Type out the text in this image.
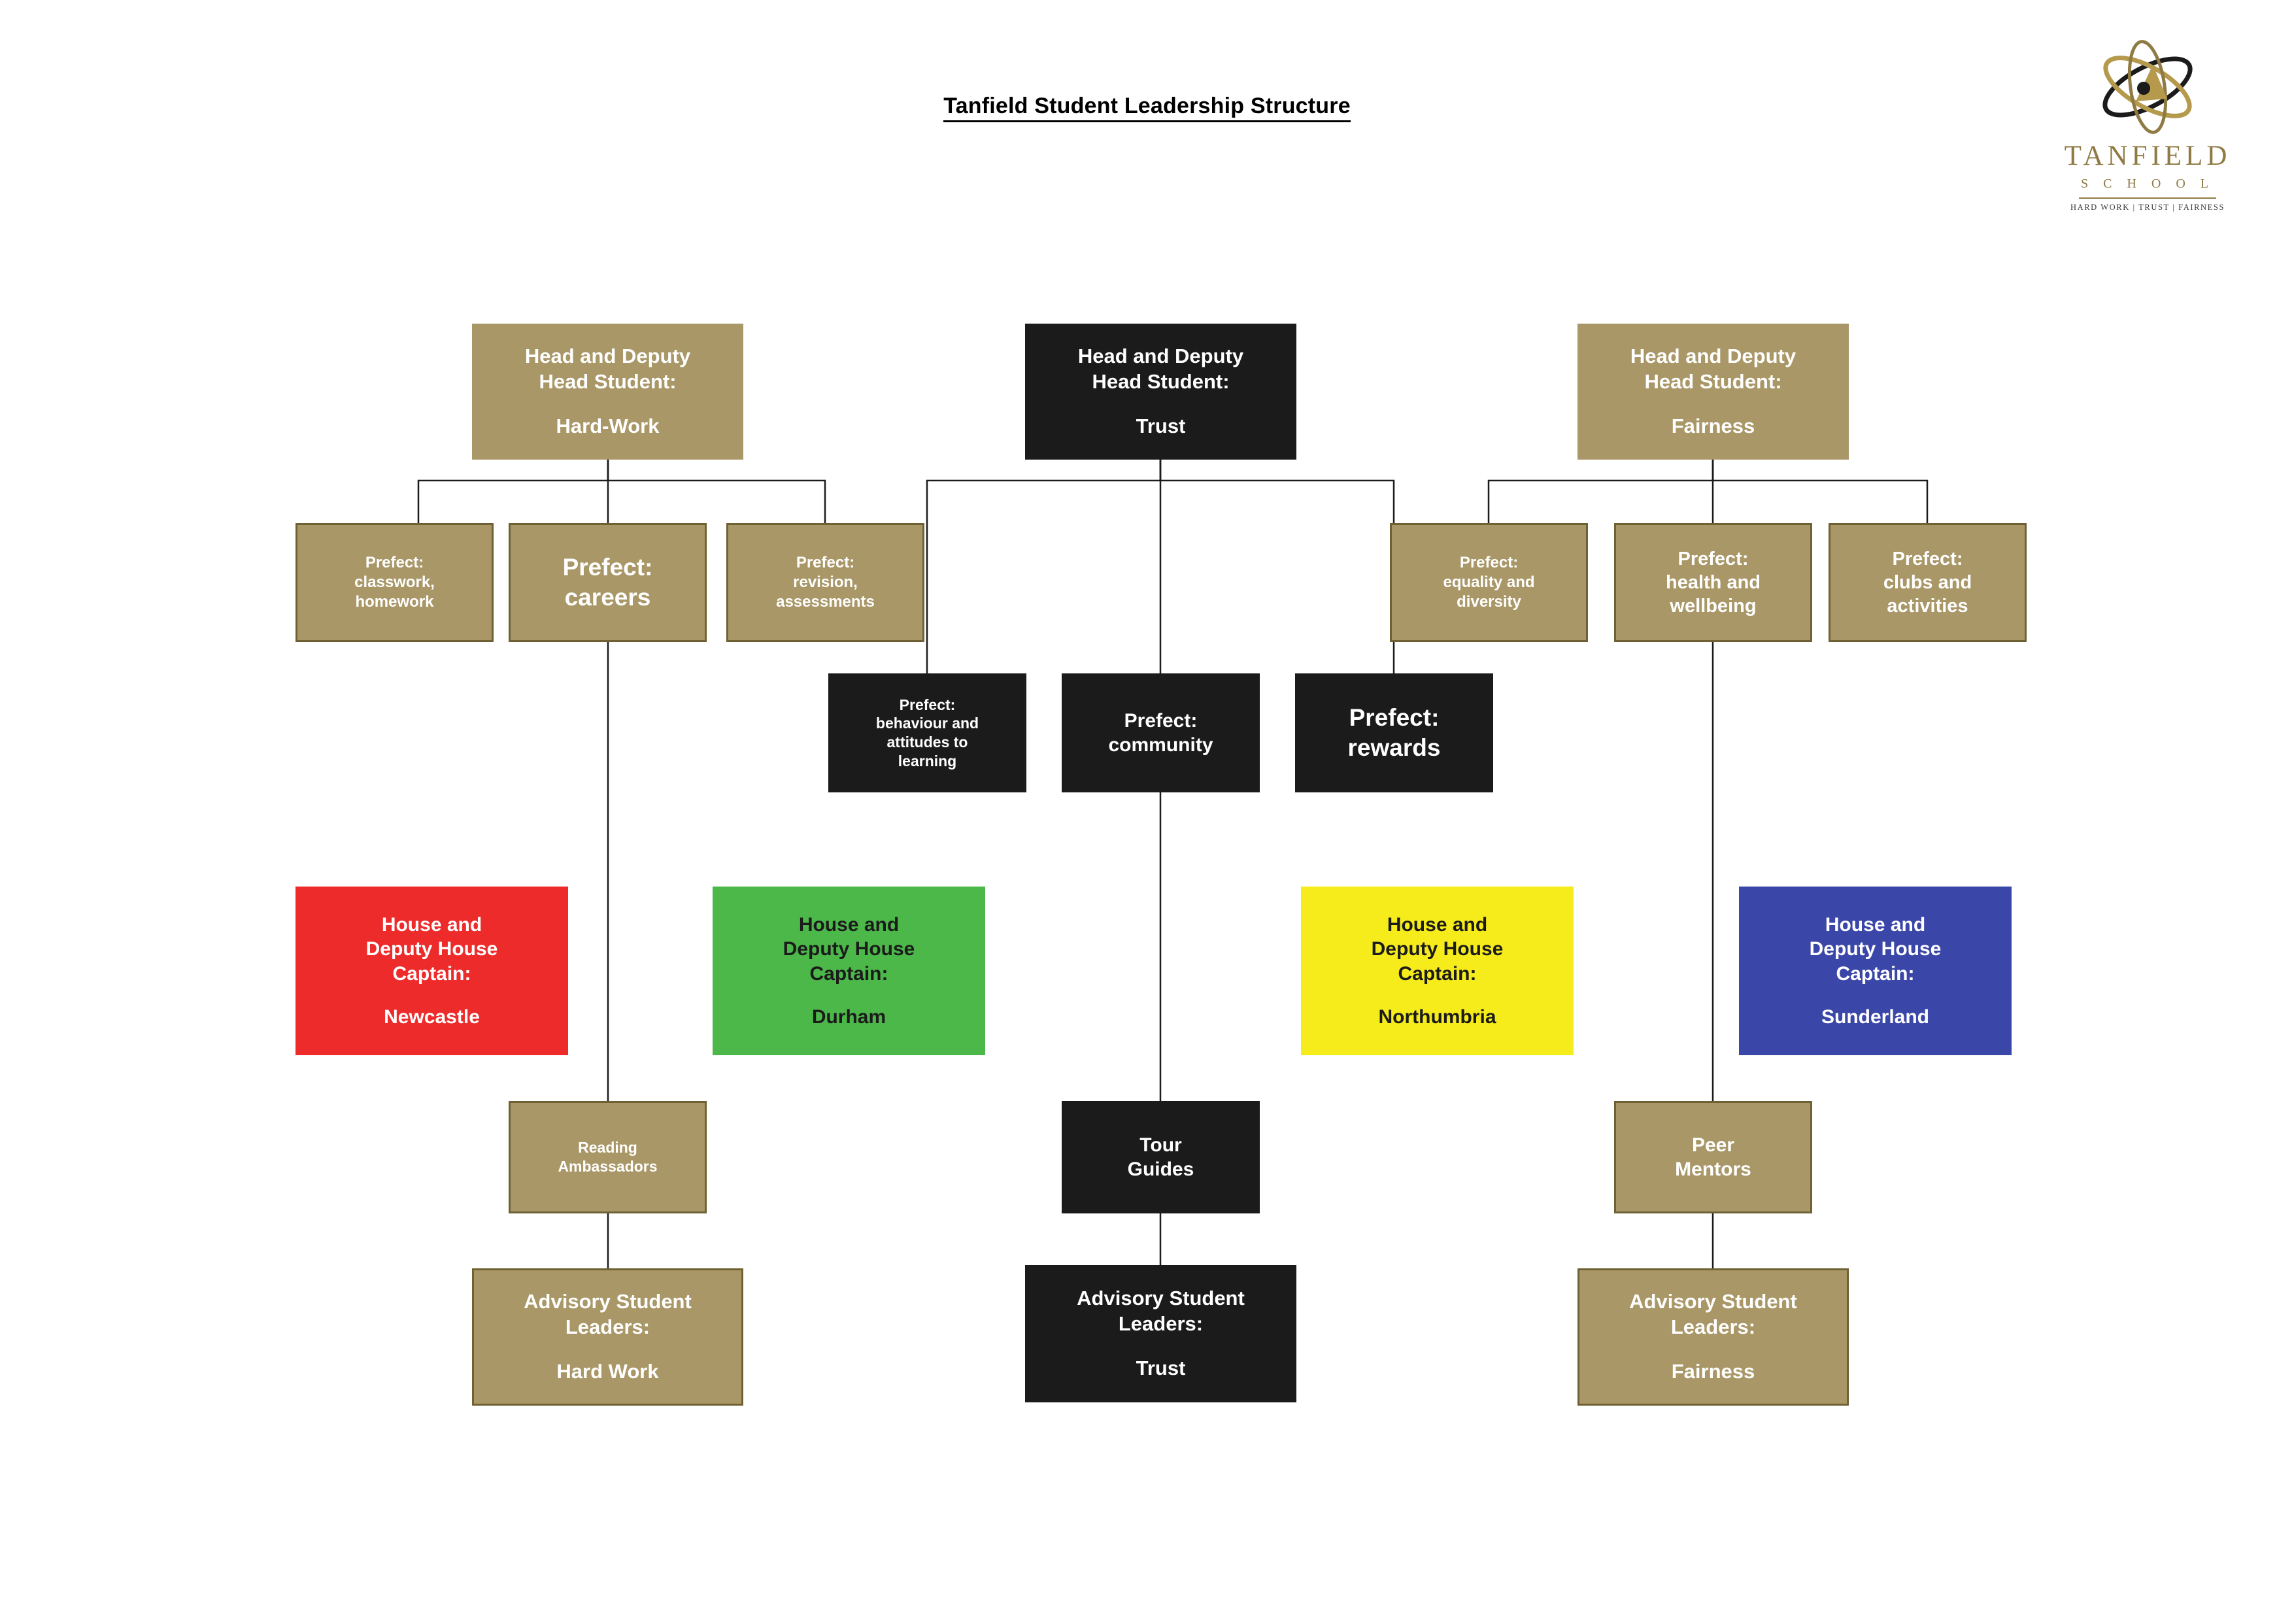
Tanfield Student Leadership Structure
TANFIELD
S C H O O L
HARD WORK | TRUST | FAIRNESS
Head and Deputy
Head Student:
Hard-Work
Head and Deputy
Head Student:
Trust
Head and Deputy
Head Student:
Fairness
Prefect:
classwork,
homework
Prefect:
careers
Prefect:
revision,
assessments
Prefect:
behaviour and
attitudes to
learning
Prefect:
community
Prefect:
rewards
Prefect:
equality and
diversity
Prefect:
health and
wellbeing
Prefect:
clubs and
activities
House and
Deputy House
Captain:
Newcastle
House and
Deputy House
Captain:
Durham
House and
Deputy House
Captain:
Northumbria
House and
Deputy House
Captain:
Sunderland
Reading
Ambassadors
Tour
Guides
Peer
Mentors
Advisory Student
Leaders:
Hard Work
Advisory Student
Leaders:
Trust
Advisory Student
Leaders:
Fairness
